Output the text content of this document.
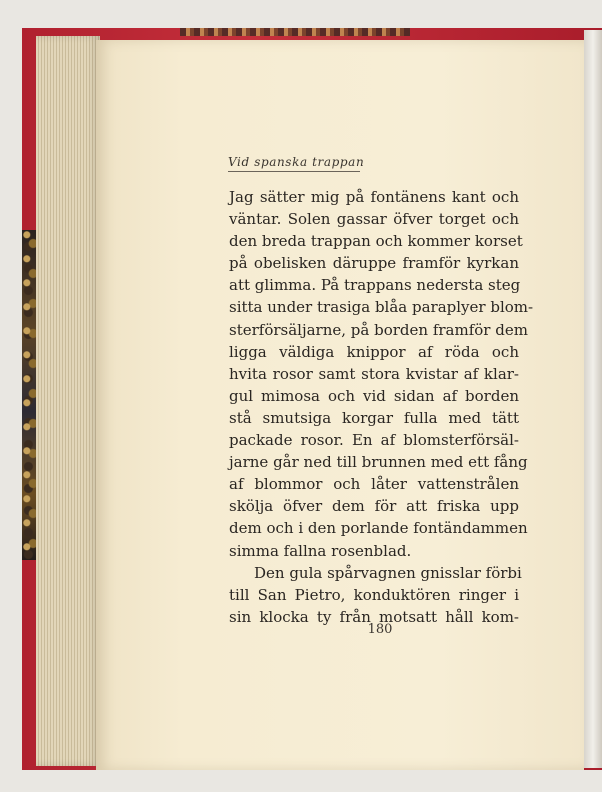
Vid spanska trappan
Jag sätter mig på fontänens kant och
väntar. Solen gassar öfver torget och
den breda trappan och kommer korset
på obelisken däruppe framför kyrkan
att glimma. På trappans nedersta steg
sitta under trasiga blåa paraplyer blom-
sterförsäljarne, på borden framför dem
ligga väldiga knippor af röda och
hvita rosor samt stora kvistar af klar-
gul mimosa och vid sidan af borden
stå smutsiga korgar fulla med tätt
packade rosor. En af blomsterförsäl-
jarne går ned till brunnen med ett fång
af blommor och låter vattenstrålen
skölja öfver dem för att friska upp
dem och i den porlande fontändammen
simma fallna rosenblad.
Den gula spårvagnen gnisslar förbi
till San Pietro, konduktören ringer i
sin klocka ty från motsatt håll kom-
180
